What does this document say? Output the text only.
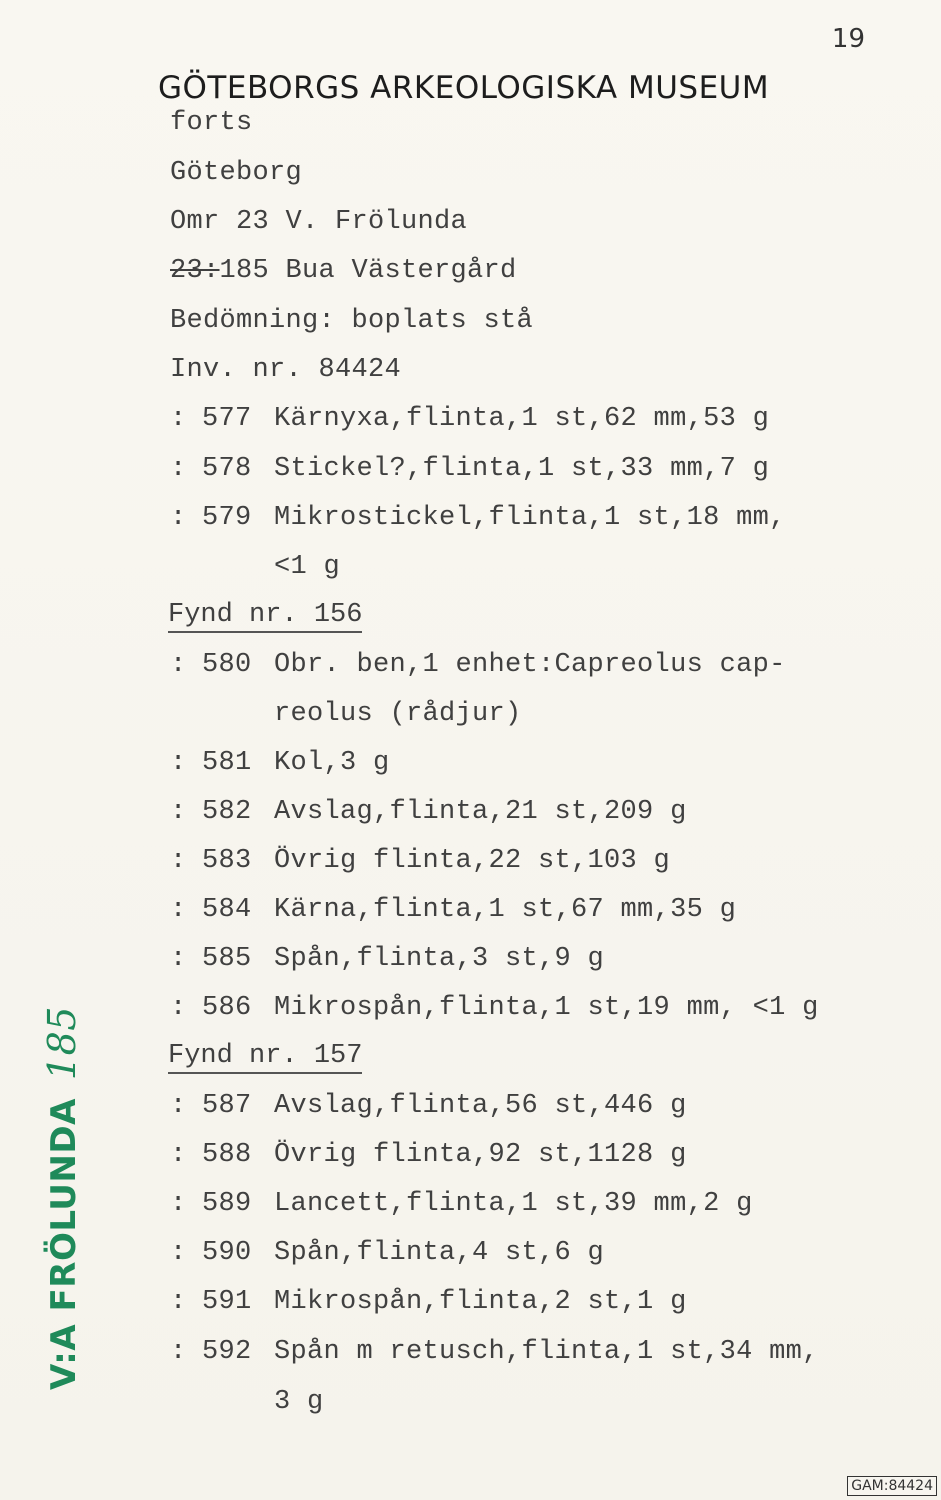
19
GÖTEBORGS ARKEOLOGISKA MUSEUM
forts
Göteborg
Omr 23 V. Frölunda
23:185 Bua Västergård
Bedömning: boplats stå
Inv. nr. 84424
: 577 Kärnyxa,flinta,1 st,62 mm,53 g
: 578 Stickel?,flinta,1 st,33 mm,7 g
: 579 Mikrostickel,flinta,1 st,18 mm,
<1 g
Fynd nr. 156
: 580 Obr. ben,1 enhet:Capreolus cap-
reolus (rådjur)
: 581 Kol,3 g
: 582 Avslag,flinta,21 st,209 g
: 583 Övrig flinta,22 st,103 g
: 584 Kärna,flinta,1 st,67 mm,35 g
: 585 Spån,flinta,3 st,9 g
: 586 Mikrospån,flinta,1 st,19 mm, <1 g
Fynd nr. 157
: 587 Avslag,flinta,56 st,446 g
: 588 Övrig flinta,92 st,1128 g
: 589 Lancett,flinta,1 st,39 mm,2 g
: 590 Spån,flinta,4 st,6 g
: 591 Mikrospån,flinta,2 st,1 g
: 592 Spån m retusch,flinta,1 st,34 mm,
3 g
V:A FRÖLUNDA185
GAM:84424
